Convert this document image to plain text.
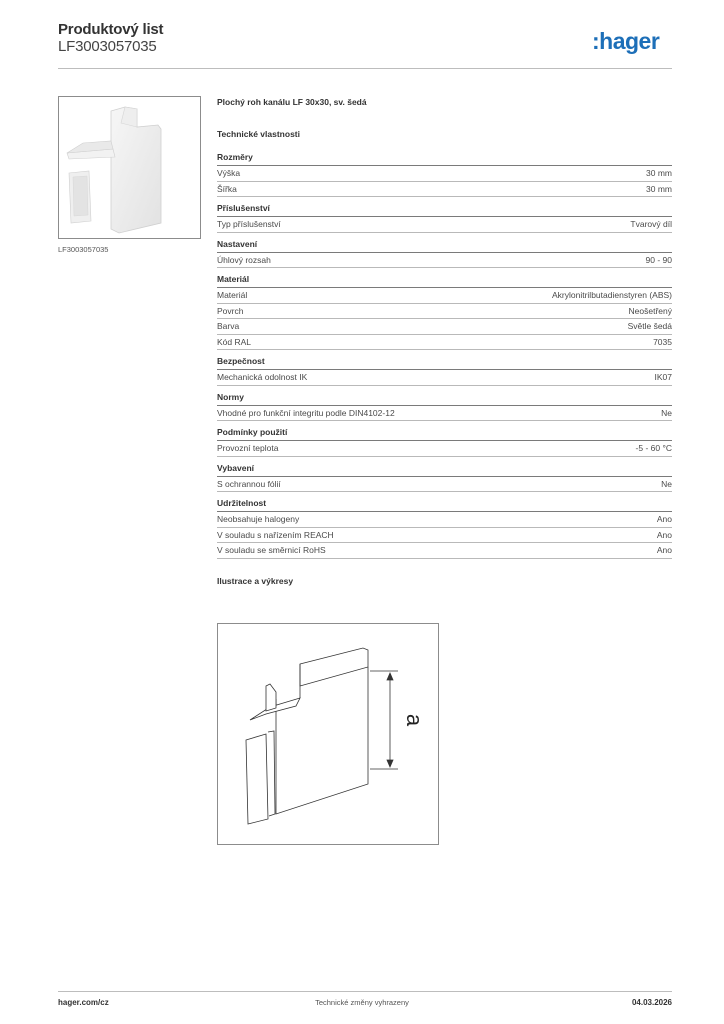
Produktový list
LF3003057035	:hager
LF3003057035
Plochý roh kanálu LF 30x30, sv. šedá
Technické vlastnosti
Rozměry
Výška	30 mm
Šířka	30 mm
Příslušenství
Typ příslušenství	Tvarový díl
Nastavení
Úhlový rozsah	90 - 90
Materiál
Materiál	Akrylonitrilbutadienstyren (ABS)
Povrch	Neošetřený
Barva	Světle šedá
Kód RAL	7035
Bezpečnost
Mechanická odolnost IK	IK07
Normy
Vhodné pro funkční integritu podle DIN4102-12	Ne
Podmínky použití
Provozní teplota	-5 - 60 °C
Vybavení
S ochrannou fólií	Ne
Udržitelnost
Neobsahuje halogeny	Ano
V souladu s nařízením REACH	Ano
V souladu se směrnicí RoHS	Ano
Ilustrace a výkresy
a
hager.com/cz	Technické změny vyhrazeny	04.03.2026
